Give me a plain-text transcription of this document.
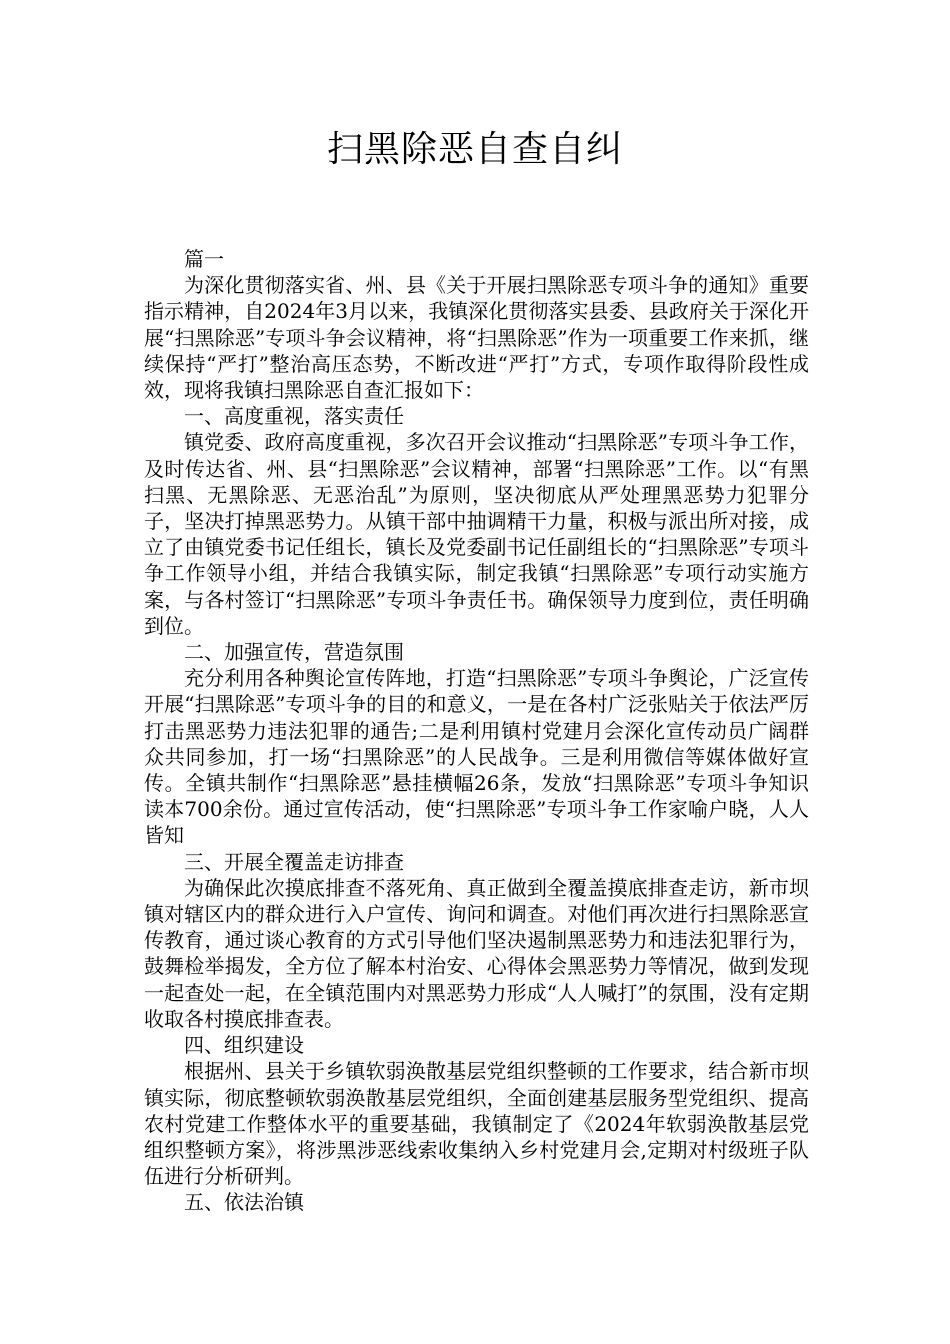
扫黑除恶自查自纠

篇一

为深化贯彻落实省、州、县《关于开展扫黑除恶专项斗争的通知》重要指示精神，自2024年3月以来，我镇深化贯彻落实县委、县政府关于深化开展“扫黑除恶”专项斗争会议精神，将“扫黑除恶”作为一项重要工作来抓，继续保持“严打”整治高压态势，不断改进“严打”方式，专项作取得阶段性成效，现将我镇扫黑除恶自查汇报如下：

一、高度重视，落实责任

镇党委、政府高度重视，多次召开会议推动“扫黑除恶”专项斗争工作，及时传达省、州、县“扫黑除恶”会议精神，部署“扫黑除恶”工作。以“有黑扫黑、无黑除恶、无恶治乱”为原则，坚决彻底从严处理黑恶势力犯罪分子，坚决打掉黑恶势力。从镇干部中抽调精干力量，积极与派出所对接，成立了由镇党委书记任组长，镇长及党委副书记任副组长的“扫黑除恶”专项斗争工作领导小组，并结合我镇实际，制定我镇“扫黑除恶”专项行动实施方案，与各村签订“扫黑除恶”专项斗争责任书。确保领导力度到位，责任明确到位。

二、加强宣传，营造氛围

充分利用各种舆论宣传阵地，打造“扫黑除恶”专项斗争舆论，广泛宣传开展“扫黑除恶”专项斗争的目的和意义，一是在各村广泛张贴关于依法严厉打击黑恶势力违法犯罪的通告;二是利用镇村党建月会深化宣传动员广阔群众共同参加，打一场“扫黑除恶”的人民战争。三是利用微信等媒体做好宣传。全镇共制作“扫黑除恶”悬挂横幅26条，发放“扫黑除恶”专项斗争知识读本700余份。通过宣传活动，使“扫黑除恶”专项斗争工作家喻户晓，人人皆知

三、开展全覆盖走访排查

为确保此次摸底排查不落死角、真正做到全覆盖摸底排查走访，新市坝镇对辖区内的群众进行入户宣传、询问和调查。对他们再次进行扫黑除恶宣传教育，通过谈心教育的方式引导他们坚决遏制黑恶势力和违法犯罪行为，鼓舞检举揭发，全方位了解本村治安、心得体会黑恶势力等情况，做到发现一起查处一起，在全镇范围内对黑恶势力形成“人人喊打”的氛围，没有定期收取各村摸底排查表。

四、组织建设

根据州、县关于乡镇软弱涣散基层党组织整顿的工作要求，结合新市坝镇实际，彻底整顿软弱涣散基层党组织，全面创建基层服务型党组织、提高农村党建工作整体水平的重要基础，我镇制定了《2024年软弱涣散基层党组织整顿方案》，将涉黑涉恶线索收集纳入乡村党建月会,定期对村级班子队伍进行分析研判。

五、依法治镇
